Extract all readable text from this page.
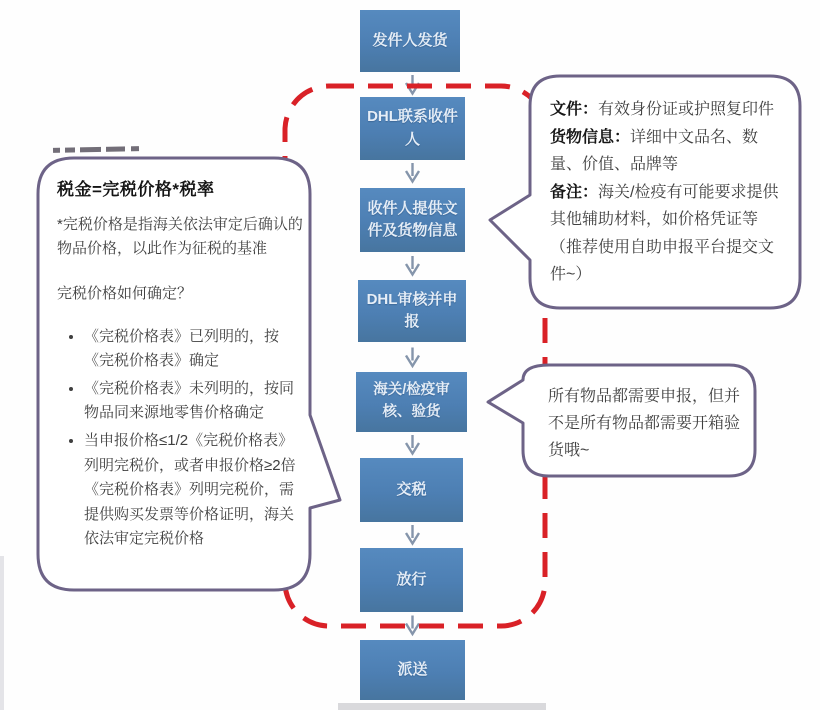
发件人发货
DHL联系收件人
收件人提供文件及货物信息
DHL审核并申报
海关/检疫审核、验货
交税
放行
派送

税金=完税价格*税率

*完税价格是指海关依法审定后确认的物品价格，以此作为征税的基准

完税价格如何确定？

• 《完税价格表》已列明的，按《完税价格表》确定
• 《完税价格表》未列明的，按同物品同来源地零售价格确定
• 当申报价格≤1/2《完税价格表》列明完税价，或者申报价格≥2倍《完税价格表》列明完税价，需提供购买发票等价格证明，海关依法审定完税价格

文件：有效身份证或护照复印件

货物信息：详细中文品名、数量、价值、品牌等

备注：海关/检疫有可能要求提供其他辅助材料，如价格凭证等（推荐使用自助申报平台提交文件~）

所有物品都需要申报，但并不是所有物品都需要开箱验货哦~
